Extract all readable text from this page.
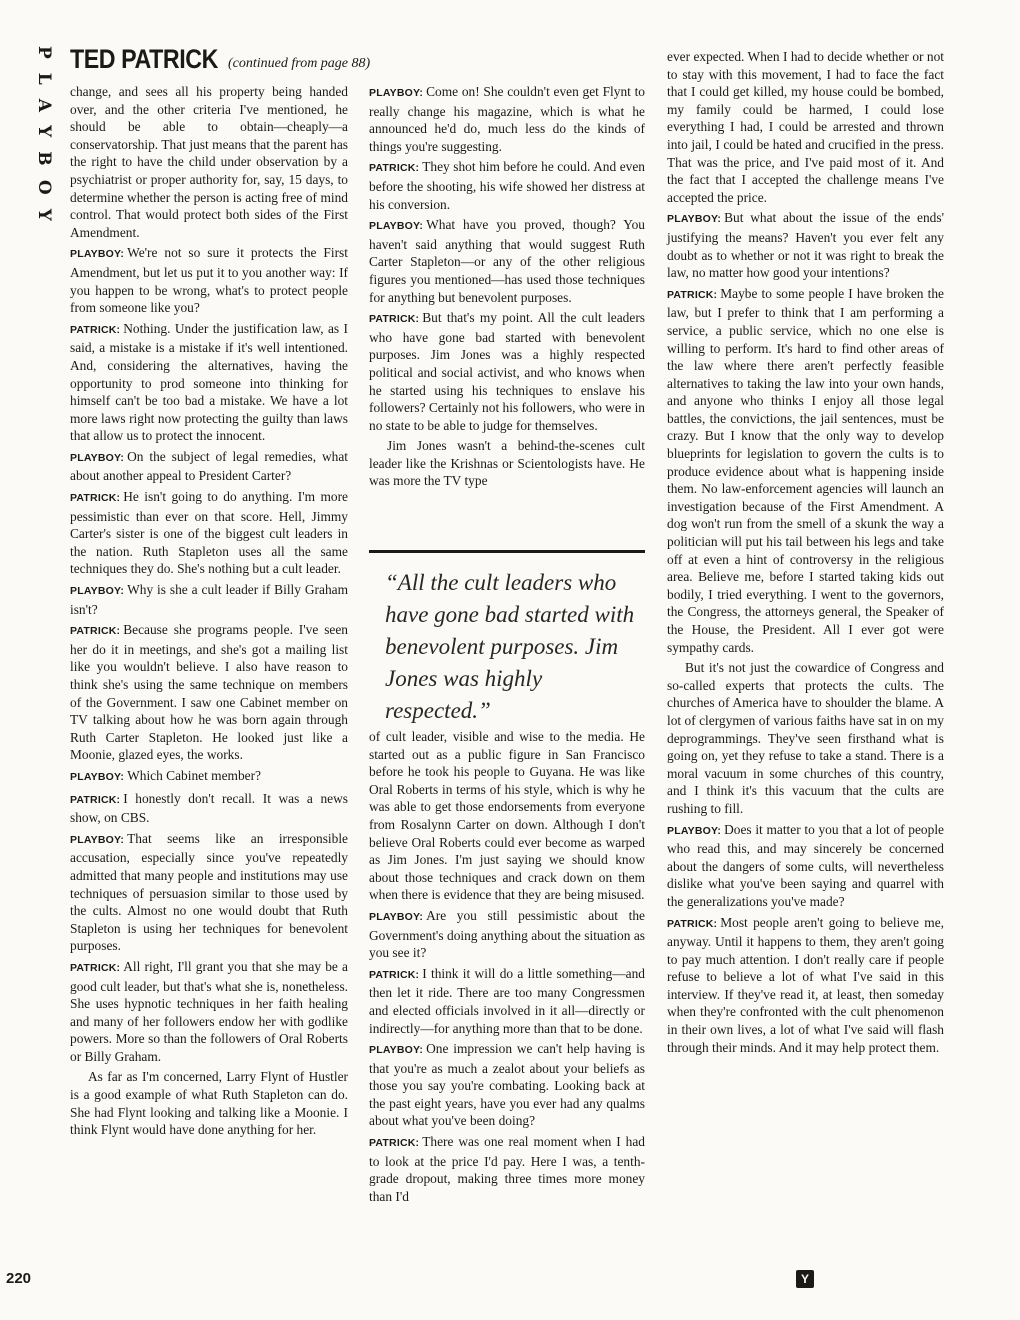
PLAYBOY
220
TED PATRICK (continued from page 88)

change, and sees all his property being handed over, and the other criteria I've mentioned, he should be able to obtain—cheaply—a conservatorship. That just means that the parent has the right to have the child under observation by a psychiatrist or proper authority for, say, 15 days, to determine whether the person is acting free of mind control. That would protect both sides of the First Amendment.

PLAYBOY: We're not so sure it protects the First Amendment, but let us put it to you another way: If you happen to be wrong, what's to protect people from someone like you?

PATRICK: Nothing. Under the justification law, as I said, a mistake is a mistake if it's well intentioned. And, considering the alternatives, having the opportunity to prod someone into thinking for himself can't be too bad a mistake. We have a lot more laws right now protecting the guilty than laws that allow us to protect the innocent.

PLAYBOY: On the subject of legal remedies, what about another appeal to President Carter?

PATRICK: He isn't going to do anything. I'm more pessimistic than ever on that score. Hell, Jimmy Carter's sister is one of the biggest cult leaders in the nation. Ruth Stapleton uses all the same techniques they do. She's nothing but a cult leader.

PLAYBOY: Why is she a cult leader if Billy Graham isn't?

PATRICK: Because she programs people. I've seen her do it in meetings, and she's got a mailing list like you wouldn't believe. I also have reason to think she's using the same technique on members of the Government. I saw one Cabinet member on TV talking about how he was born again through Ruth Carter Stapleton. He looked just like a Moonie, glazed eyes, the works.

PLAYBOY: Which Cabinet member?

PATRICK: I honestly don't recall. It was a news show, on CBS.

PLAYBOY: That seems like an irresponsible accusation, especially since you've repeatedly admitted that many people and institutions may use techniques of persuasion similar to those used by the cults. Almost no one would doubt that Ruth Stapleton is using her techniques for benevolent purposes.

PATRICK: All right, I'll grant you that she may be a good cult leader, but that's what she is, nonetheless. She uses hypnotic techniques in her faith healing and many of her followers endow her with godlike powers. More so than the followers of Oral Roberts or Billy Graham.

As far as I'm concerned, Larry Flynt of Hustler is a good example of what Ruth Stapleton can do. She had Flynt looking and talking like a Moonie. I think Flynt would have done anything for her.

PLAYBOY: Come on! She couldn't even get Flynt to really change his magazine, which is what he announced he'd do, much less do the kinds of things you're suggesting.

PATRICK: They shot him before he could. And even before the shooting, his wife showed her distress at his conversion.

PLAYBOY: What have you proved, though? You haven't said anything that would suggest Ruth Carter Stapleton—or any of the other religious figures you mentioned—has used those techniques for anything but benevolent purposes.

PATRICK: But that's my point. All the cult leaders who have gone bad started with benevolent purposes. Jim Jones was a highly respected political and social activist, and who knows when he started using his techniques to enslave his followers? Certainly not his followers, who were in no state to be able to judge for themselves.

Jim Jones wasn't a behind-the-scenes cult leader like the Krishnas or Scientologists have. He was more the TV type

“All the cult leaders who have gone bad started with benevolent purposes. Jim Jones was highly respected.”

of cult leader, visible and wise to the media. He started out as a public figure in San Francisco before he took his people to Guyana. He was like Oral Roberts in terms of his style, which is why he was able to get those endorsements from everyone from Rosalynn Carter on down. Although I don't believe Oral Roberts could ever become as warped as Jim Jones. I'm just saying we should know about those techniques and crack down on them when there is evidence that they are being misused.

PLAYBOY: Are you still pessimistic about the Government's doing anything about the situation as you see it?

PATRICK: I think it will do a little something—and then let it ride. There are too many Congressmen and elected officials involved in it all—directly or indirectly—for anything more than that to be done.

PLAYBOY: One impression we can't help having is that you're as much a zealot about your beliefs as those you say you're combating. Looking back at the past eight years, have you ever had any qualms about what you've been doing?

PATRICK: There was one real moment when I had to look at the price I'd pay. Here I was, a tenth-grade dropout, making three times more money than I'd

ever expected. When I had to decide whether or not to stay with this movement, I had to face the fact that I could get killed, my house could be bombed, my family could be harmed, I could lose everything I had, I could be arrested and thrown into jail, I could be hated and crucified in the press. That was the price, and I've paid most of it. And the fact that I accepted the challenge means I've accepted the price.

PLAYBOY: But what about the issue of the ends' justifying the means? Haven't you ever felt any doubt as to whether or not it was right to break the law, no matter how good your intentions?

PATRICK: Maybe to some people I have broken the law, but I prefer to think that I am performing a service, a public service, which no one else is willing to perform. It's hard to find other areas of the law where there aren't perfectly feasible alternatives to taking the law into your own hands, and anyone who thinks I enjoy all those legal battles, the convictions, the jail sentences, must be crazy. But I know that the only way to develop blueprints for legislation to govern the cults is to produce evidence about what is happening inside them. No law-enforcement agencies will launch an investigation because of the First Amendment. A dog won't run from the smell of a skunk the way a politician will put his tail between his legs and take off at even a hint of controversy in the religious area. Believe me, before I started taking kids out bodily, I tried everything. I went to the governors, the Congress, the attorneys general, the Speaker of the House, the President. All I ever got were sympathy cards.

But it's not just the cowardice of Congress and so-called experts that protects the cults. The churches of America have to shoulder the blame. A lot of clergymen of various faiths have sat in on my deprogrammings. They've seen firsthand what is going on, yet they refuse to take a stand. There is a moral vacuum in some churches of this country, and I think it's this vacuum that the cults are rushing to fill.

PLAYBOY: Does it matter to you that a lot of people who read this, and may sincerely be concerned about the dangers of some cults, will nevertheless dislike what you've been saying and quarrel with the generalizations you've made?

PATRICK: Most people aren't going to believe me, anyway. Until it happens to them, they aren't going to pay much attention. I don't really care if people refuse to believe a lot of what I've said in this interview. If they've read it, at least, then someday when they're confronted with the cult phenomenon in their own lives, a lot of what I've said will flash through their minds. And it may help protect them.

Y
